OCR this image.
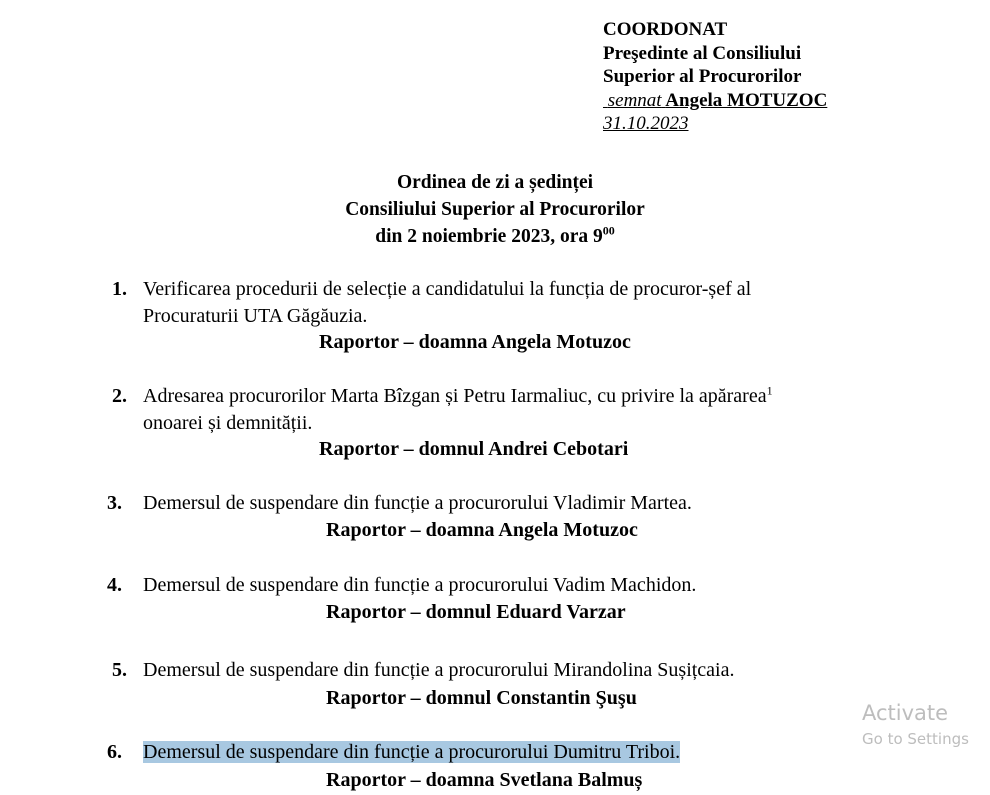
COORDONAT
Preşedinte al Consiliului
Superior al Procurorilor
semnat Angela MOTUZOC
31.10.2023
Ordinea de zi a ședinței
Consiliului Superior al Procurorilor
din 2 noiembrie 2023, ora $9^{00}$
1. Verificarea procedurii de selecție a candidatului la funcția de procuror-șef al
Procuraturii UTA Găgăuzia.
Raportor – doamna Angela Motuzoc
2. Adresarea procurorilor Marta Bîzgan și Petru Iarmaliuc, cu privire la apărarea$^1$
onoarei și demnității.
Raportor – domnul Andrei Cebotari
3. Demersul de suspendare din funcție a procurorului Vladimir Martea.
Raportor – doamna Angela Motuzoc
4. Demersul de suspendare din funcție a procurorului Vadim Machidon.
Raportor – domnul Eduard Varzar
5. Demersul de suspendare din funcție a procurorului Mirandolina Sușițcaia.
Raportor – domnul Constantin Şuşu
6. Demersul de suspendare din funcție a procurorului Dumitru Triboi.
Raportor – doamna Svetlana Balmuș
Activate
Go to Settings
